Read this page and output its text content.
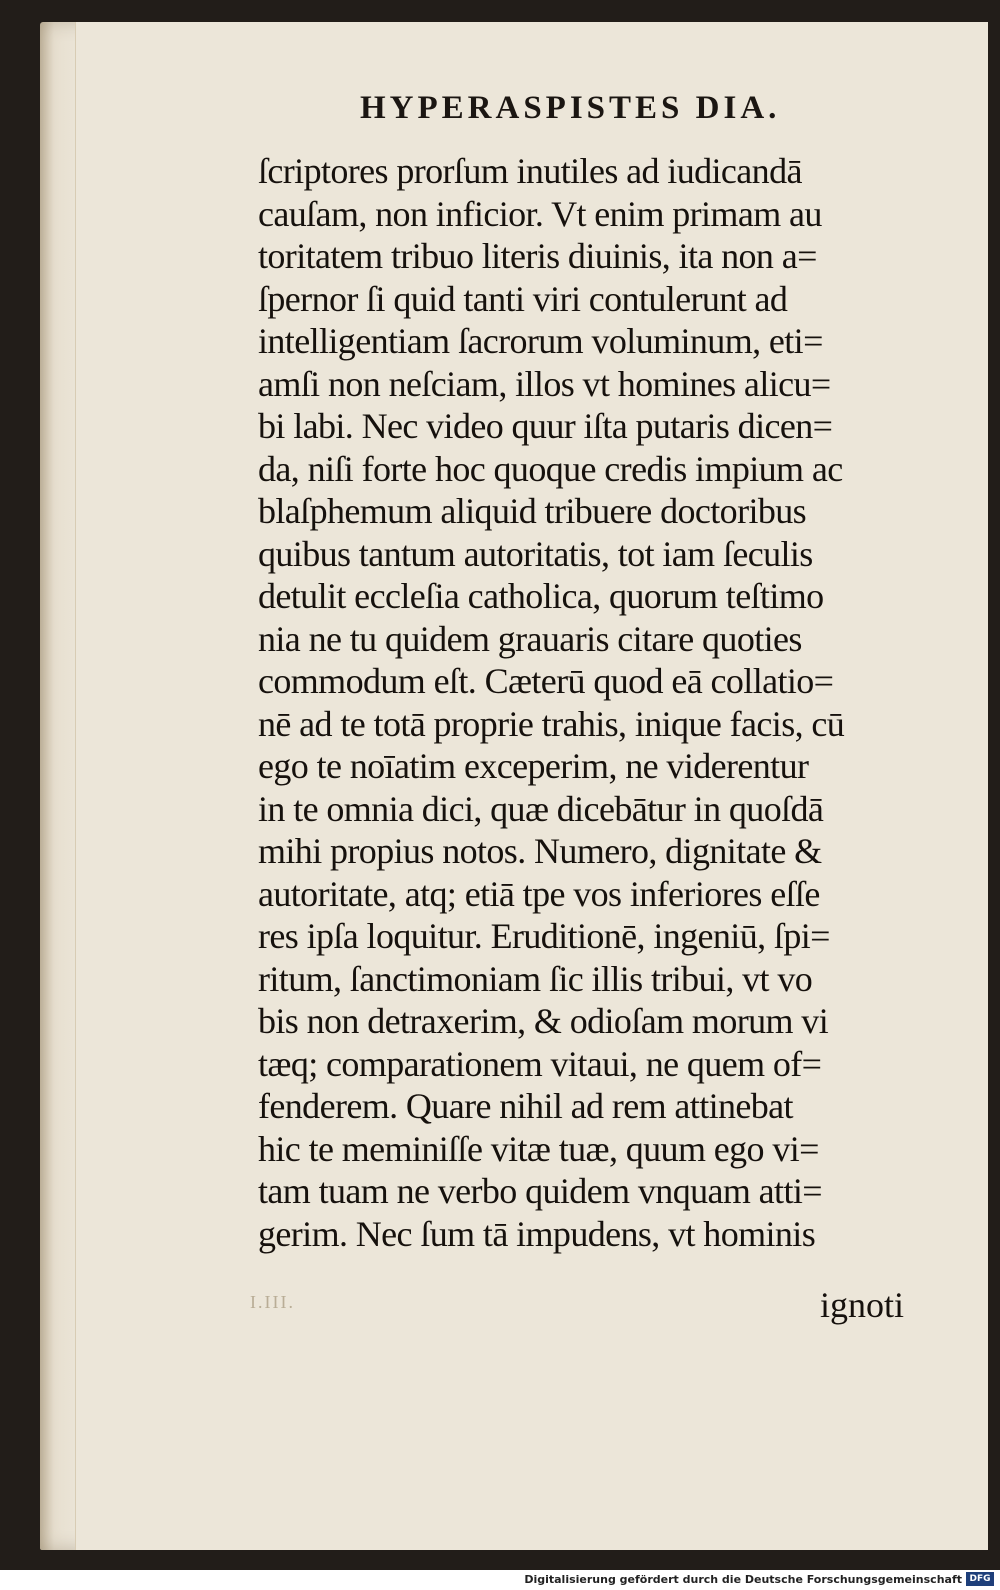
HYPERASPISTES DIA.
ſcriptores prorſum inutiles ad iudicandā
cauſam, non inficior. Vt enim primam au
toritatem tribuo literis diuinis, ita non a=
ſpernor ſi quid tanti viri contulerunt ad
intelligentiam ſacrorum voluminum, eti=
amſi non neſciam, illos vt homines alicu=
bi labi. Nec video quur iſta putaris dicen=
da, niſi forte hoc quoque credis impium ac
blaſphemum aliquid tribuere doctoribus
quibus tantum autoritatis, tot iam ſeculis
detulit eccleſia catholica, quorum teſtimo
nia ne tu quidem grauaris citare quoties
commodum eſt. Cæterū quod eā collatio=
nē ad te totā proprie trahis, inique facis, cū
ego te noīatim exceperim, ne viderentur
in te omnia dici, quæ dicebātur in quoſdā
mihi propius notos. Numero, dignitate &
autoritate, atq; etiā tpe vos inferiores eſſe
res ipſa loquitur. Eruditionē, ingeniū, ſpi=
ritum, ſanctimoniam ſic illis tribui, vt vo
bis non detraxerim, & odioſam morum vi
tæq; comparationem vitaui, ne quem of=
fenderem. Quare nihil ad rem attinebat
hic te meminiſſe vitæ tuæ, quum ego vi=
tam tuam ne verbo quidem vnquam atti=
gerim. Nec ſum tā impudens, vt hominis
I.III.	ignoti
Digitalisierung gefördert durch die Deutsche Forschungsgemeinschaft DFG
